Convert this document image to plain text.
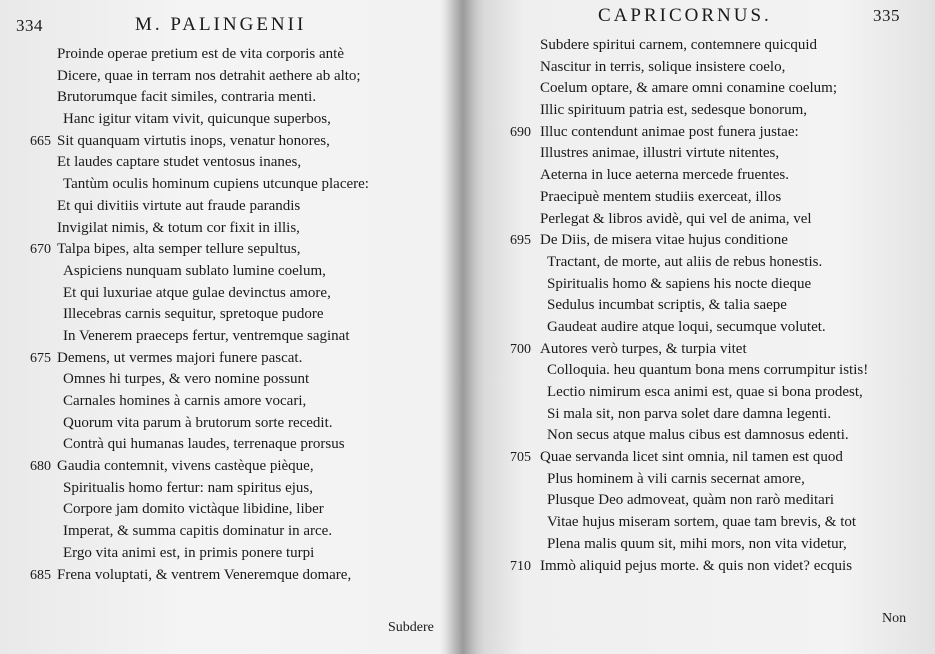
334	M. PALINGENII
Proinde operae pretium est de vita corporis antè
Dicere, quae in terram nos detrahit aethere ab alto;
Brutorumque facit similes, contraria menti.
Hanc igitur vitam vivit, quicunque superbos,
665 Sit quanquam virtutis inops, venatur honores,
Et laudes captare studet ventosus inanes,
Tantùm oculis hominum cupiens utcunque placere:
Et qui divitiis virtute aut fraude parandis
Invigilat nimis, & totum cor fixit in illis,
670 Talpa bipes, alta semper tellure sepultus,
Aspiciens nunquam sublato lumine coelum,
Et qui luxuriae atque gulae devinctus amore,
Illecebras carnis sequitur, spretoque pudore
In Venerem praeceps fertur, ventremque saginat
675 Demens, ut vermes majori funere pascat.
Omnes hi turpes, & vero nomine possunt
Carnales homines à carnis amore vocari,
Quorum vita parum à brutorum sorte recedit.
Contrà qui humanas laudes, terrenaque prorsus
680 Gaudia contemnit, vivens castèque pièque,
Spiritualis homo fertur: nam spiritus ejus,
Corpore jam domito victàque libidine, liber
Imperat, & summa capitis dominatur in arce.
Ergo vita animi est, in primis ponere turpi
685 Frena voluptati, & ventrem Veneremque domare,
Subdere
CAPRICORNUS.	335
Subdere spiritui carnem, contemnere quicquid
Nascitur in terris, solique insistere coelo,
Coelum optare, & amare omni conamine coelum;
Illic spirituum patria est, sedesque bonorum,
690 Illuc contendunt animae post funera justae:
Illustres animae, illustri virtute nitentes,
Aeterna in luce aeterna mercede fruentes.
Praecipuè mentem studiis exerceat, illos
Perlegat & libros avidè, qui vel de anima, vel
695 De Diis, de misera vitae hujus conditione
Tractant, de morte, aut aliis de rebus honestis.
Spiritualis homo & sapiens his nocte dieque
Sedulus incumbat scriptis, & talia saepe
Gaudeat audire atque loqui, secumque volutet.
700 Autores verò turpes, & turpia vitet
Colloquia. heu quantum bona mens corrumpitur istis!
Lectio nimirum esca animi est, quae si bona prodest,
Si mala sit, non parva solet dare damna legenti.
Non secus atque malus cibus est damnosus edenti.
705 Quae servanda licet sint omnia, nil tamen est quod
Plus hominem à vili carnis secernat amore,
Plusque Deo admoveat, quàm non rarò meditari
Vitae hujus miseram sortem, quae tam brevis, & tot
Plena malis quum sit, mihi mors, non vita videtur,
710 Immò aliquid pejus morte. & quis non videt? ecquis
Non
